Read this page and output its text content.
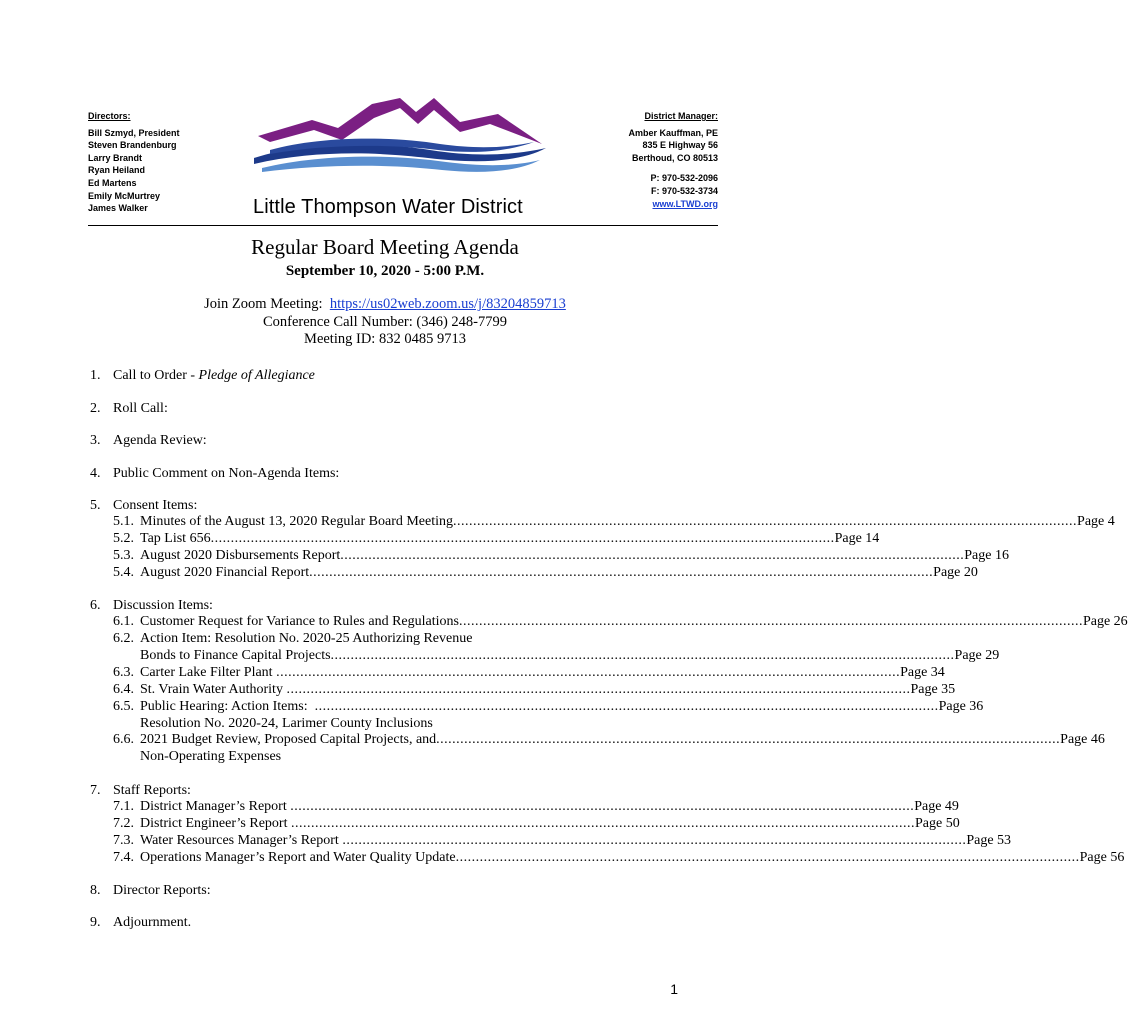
Directors:
Bill Szmyd, President
Steven Brandenburg
Larry Brandt
Ryan Heiland
Ed Martens
Emily McMurtrey
James Walker	Little Thompson Water District
District Manager:
Amber Kauffman, PE
835 E Highway 56
Berthoud, CO 80513
P: 970-532-2096
F: 970-532-3734
www.LTWD.org
Regular Board Meeting Agenda
September 10, 2020 - 5:00 P.M.
Join Zoom Meeting:  https://us02web.zoom.us/j/83204859713
Conference Call Number: (346) 248-7799
Meeting ID: 832 0485 9713
1. Call to Order - Pledge of Allegiance
2. Roll Call:
3. Agenda Review:
4. Public Comment on Non-Agenda Items:
5. Consent Items:
5.1. Minutes of the August 13, 2020 Regular Board Meeting .....	Page 4
5.2. Tap List 656 .....	Page 14
5.3. August 2020 Disbursements Report .....	Page 16
5.4. August 2020 Financial Report .....	Page 20
6. Discussion Items:
6.1. Customer Request for Variance to Rules and Regulations .....	Page 26
6.2. Action Item: Resolution No. 2020-25 Authorizing Revenue
Bonds to Finance Capital Projects .....	Page 29
6.3. Carter Lake Filter Plant .....	Page 34
6.4. St. Vrain Water Authority .....	Page 35
6.5. Public Hearing: Action Items: .....	Page 36
Resolution No. 2020-24, Larimer County Inclusions
6.6. 2021 Budget Review, Proposed Capital Projects, and .....	Page 46
Non-Operating Expenses
7. Staff Reports:
7.1. District Manager’s Report .....	Page 49
7.2. District Engineer’s Report .....	Page 50
7.3. Water Resources Manager’s Report .....	Page 53
7.4. Operations Manager’s Report and Water Quality Update .....	Page 56
8. Director Reports:
9. Adjournment.
1
